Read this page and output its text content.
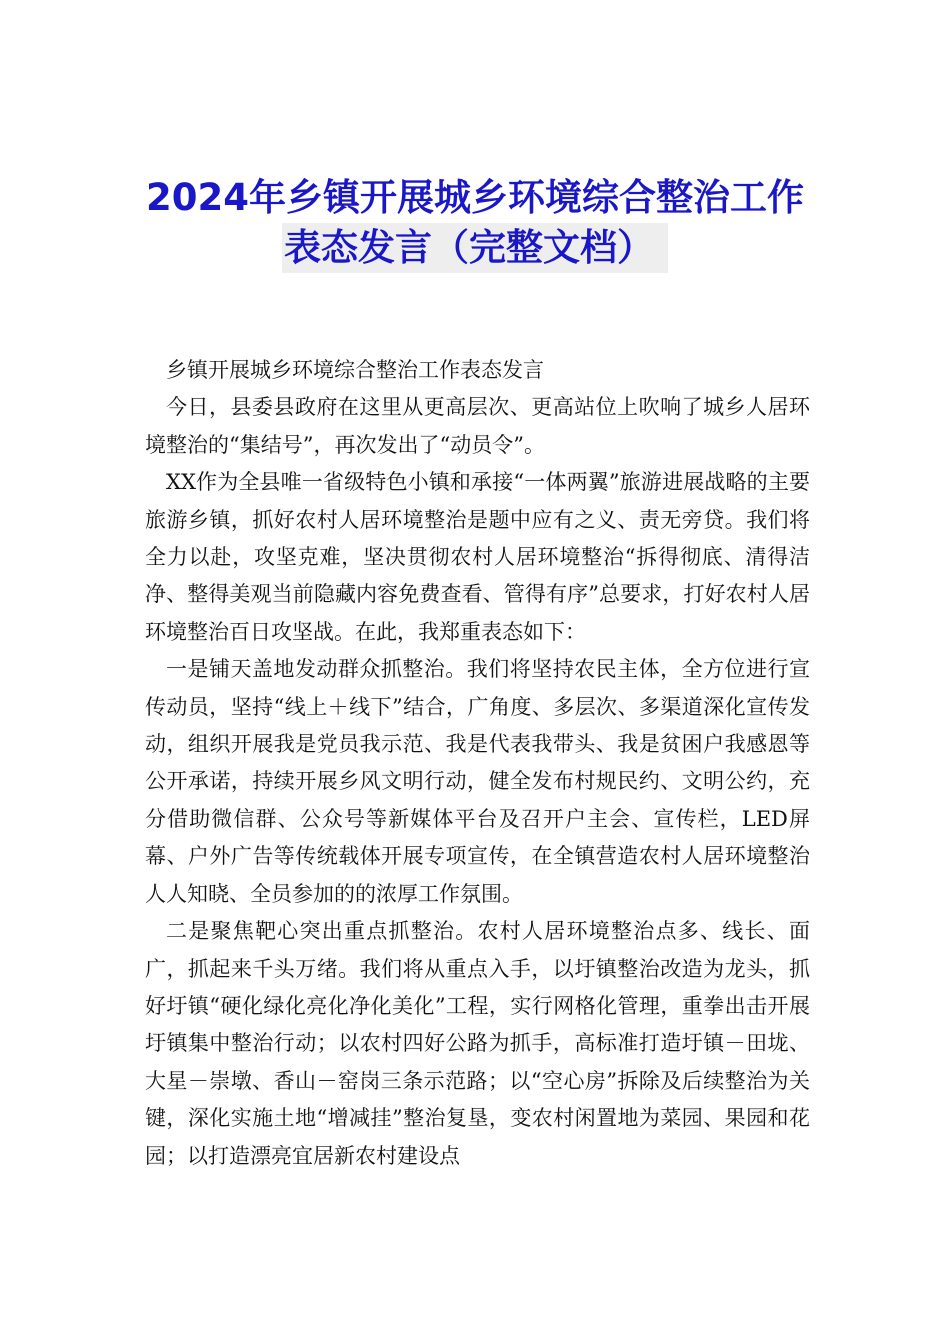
2024年乡镇开展城乡环境综合整治工作
表态发言（完整文档）

乡镇开展城乡环境综合整治工作表态发言

今日，县委县政府在这里从更高层次、更高站位上吹响了城乡人居环境整治的“集结号”，再次发出了“动员令”。

XX作为全县唯一省级特色小镇和承接“一体两翼”旅游进展战略的主要旅游乡镇，抓好农村人居环境整治是题中应有之义、责无旁贷。我们将全力以赴，攻坚克难，坚决贯彻农村人居环境整治“拆得彻底、清得洁净、整得美观当前隐藏内容免费查看、管得有序”总要求，打好农村人居环境整治百日攻坚战。在此，我郑重表态如下：

一是铺天盖地发动群众抓整治。我们将坚持农民主体，全方位进行宣传动员，坚持“线上＋线下”结合，广角度、多层次、多渠道深化宣传发动，组织开展我是党员我示范、我是代表我带头、我是贫困户我感恩等公开承诺，持续开展乡风文明行动，健全发布村规民约、文明公约，充分借助微信群、公众号等新媒体平台及召开户主会、宣传栏，LED屏幕、户外广告等传统载体开展专项宣传，在全镇营造农村人居环境整治人人知晓、全员参加的的浓厚工作氛围。

二是聚焦靶心突出重点抓整治。农村人居环境整治点多、线长、面广，抓起来千头万绪。我们将从重点入手，以圩镇整治改造为龙头，抓好圩镇“硬化绿化亮化净化美化”工程，实行网格化管理，重拳出击开展圩镇集中整治行动；以农村四好公路为抓手，高标准打造圩镇－田垅、大星－崇墩、香山－窑岗三条示范路；以“空心房”拆除及后续整治为关键，深化实施土地“增减挂”整治复垦，变农村闲置地为菜园、果园和花园；以打造漂亮宜居新农村建设点
